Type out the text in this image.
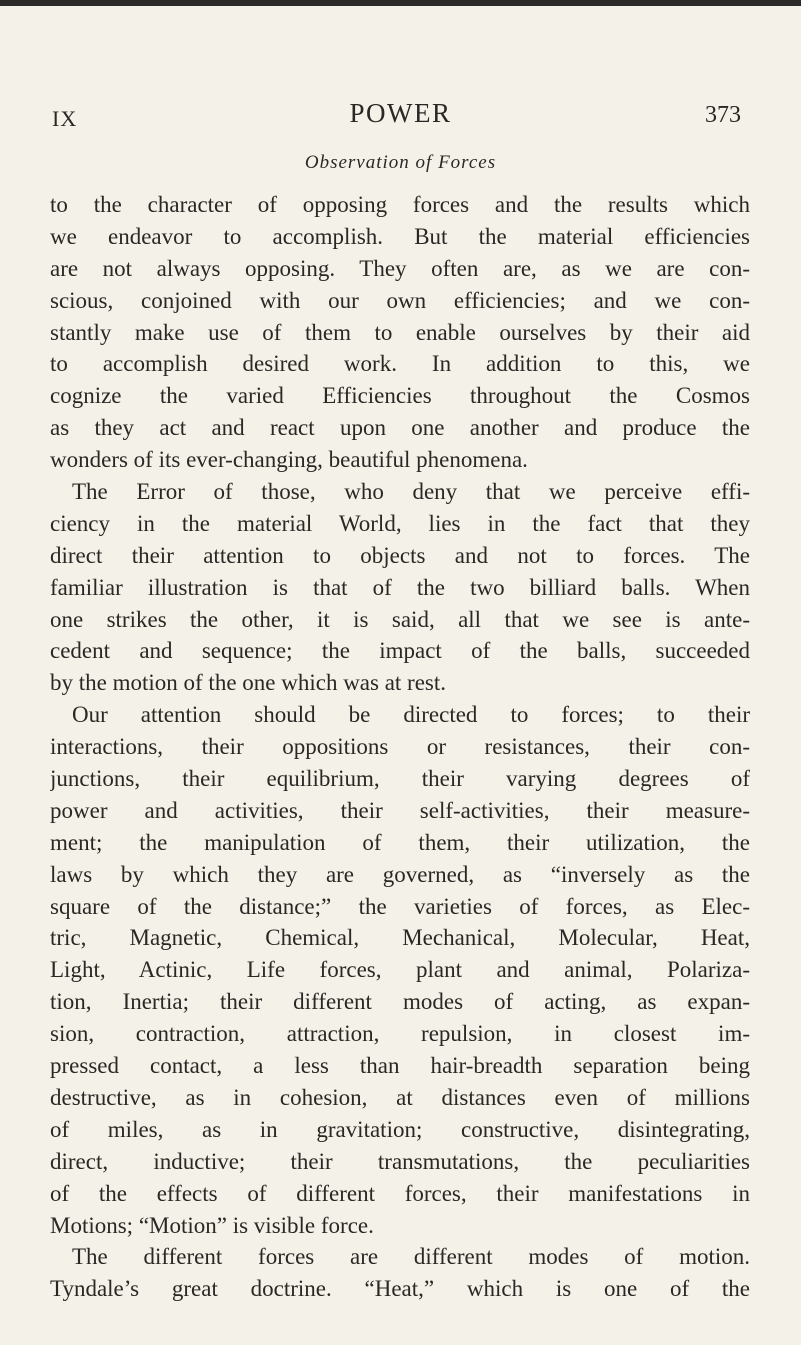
IX	POWER	373
Observation of Forces
to the character of opposing forces and the results which
we endeavor to accomplish. But the material efficiencies
are not always opposing. They often are, as we are con-
scious, conjoined with our own efficiencies; and we con-
stantly make use of them to enable ourselves by their aid
to accomplish desired work. In addition to this, we
cognize the varied Efficiencies throughout the Cosmos
as they act and react upon one another and produce the
wonders of its ever-changing, beautiful phenomena.
The Error of those, who deny that we perceive effi-
ciency in the material World, lies in the fact that they
direct their attention to objects and not to forces. The
familiar illustration is that of the two billiard balls. When
one strikes the other, it is said, all that we see is ante-
cedent and sequence; the impact of the balls, succeeded
by the motion of the one which was at rest.
Our attention should be directed to forces; to their
interactions, their oppositions or resistances, their con-
junctions, their equilibrium, their varying degrees of
power and activities, their self-activities, their measure-
ment; the manipulation of them, their utilization, the
laws by which they are governed, as “inversely as the
square of the distance;” the varieties of forces, as Elec-
tric, Magnetic, Chemical, Mechanical, Molecular, Heat,
Light, Actinic, Life forces, plant and animal, Polariza-
tion, Inertia; their different modes of acting, as expan-
sion, contraction, attraction, repulsion, in closest im-
pressed contact, a less than hair-breadth separation being
destructive, as in cohesion, at distances even of millions
of miles, as in gravitation; constructive, disintegrating,
direct, inductive; their transmutations, the peculiarities
of the effects of different forces, their manifestations in
Motions; “Motion” is visible force.
The different forces are different modes of motion.
Tyndale’s great doctrine. “Heat,” which is one of the
